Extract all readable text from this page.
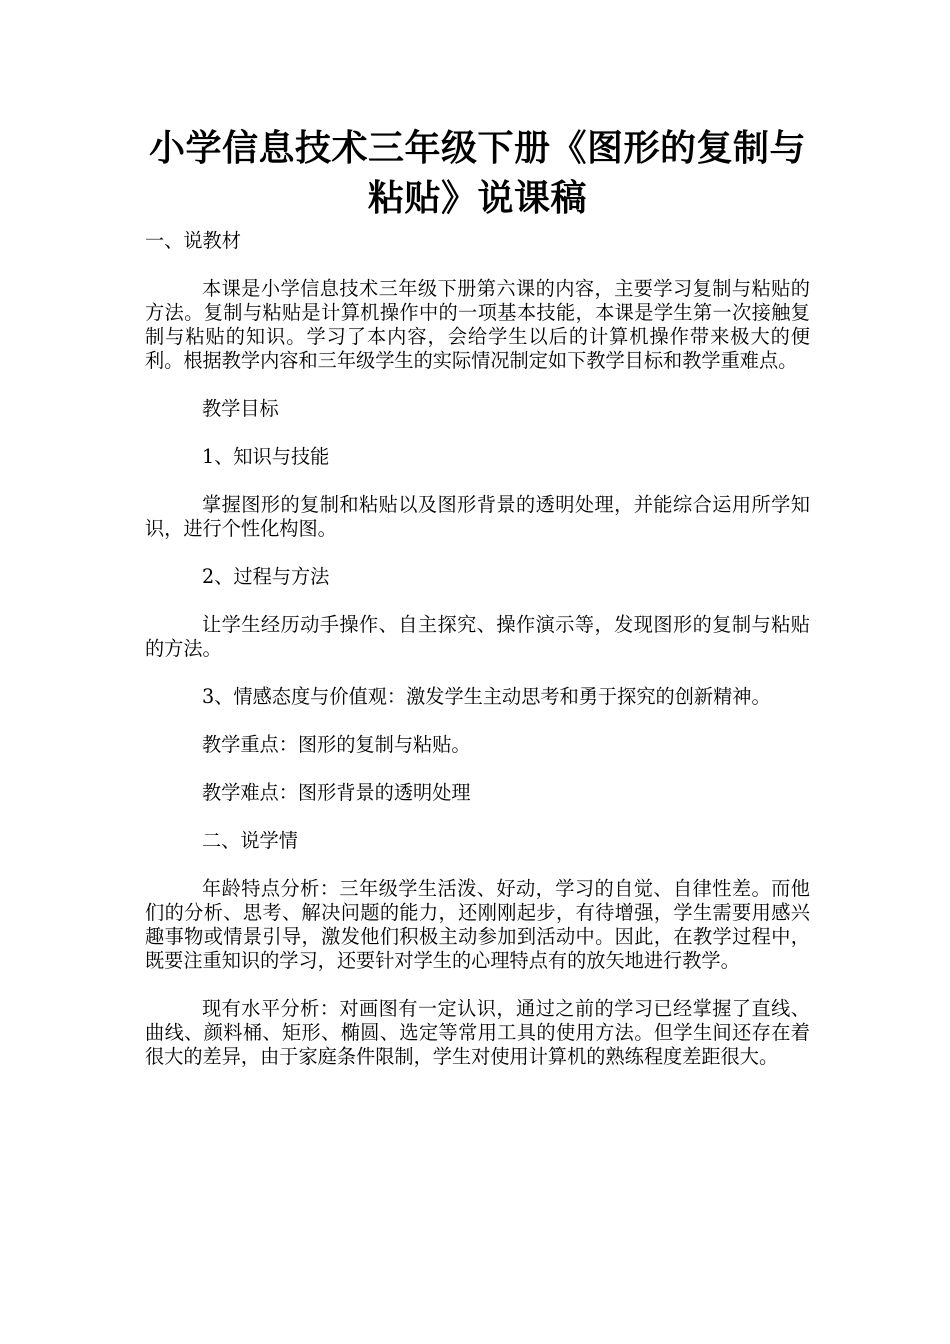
小学信息技术三年级下册《图形的复制与粘贴》说课稿

一、说教材

本课是小学信息技术三年级下册第六课的内容，主要学习复制与粘贴的方法。复制与粘贴是计算机操作中的一项基本技能，本课是学生第一次接触复制与粘贴的知识。学习了本内容，会给学生以后的计算机操作带来极大的便利。根据教学内容和三年级学生的实际情况制定如下教学目标和教学重难点。

教学目标

1、知识与技能

掌握图形的复制和粘贴以及图形背景的透明处理，并能综合运用所学知识，进行个性化构图。

2、过程与方法

让学生经历动手操作、自主探究、操作演示等，发现图形的复制与粘贴的方法。

3、情感态度与价值观：激发学生主动思考和勇于探究的创新精神。

教学重点：图形的复制与粘贴。

教学难点：图形背景的透明处理

二、说学情

年龄特点分析：三年级学生活泼、好动，学习的自觉、自律性差。而他们的分析、思考、解决问题的能力，还刚刚起步，有待增强，学生需要用感兴趣事物或情景引导，激发他们积极主动参加到活动中。因此，在教学过程中，既要注重知识的学习，还要针对学生的心理特点有的放矢地进行教学。

现有水平分析：对画图有一定认识，通过之前的学习已经掌握了直线、曲线、颜料桶、矩形、椭圆、选定等常用工具的使用方法。但学生间还存在着很大的差异，由于家庭条件限制，学生对使用计算机的熟练程度差距很大。
